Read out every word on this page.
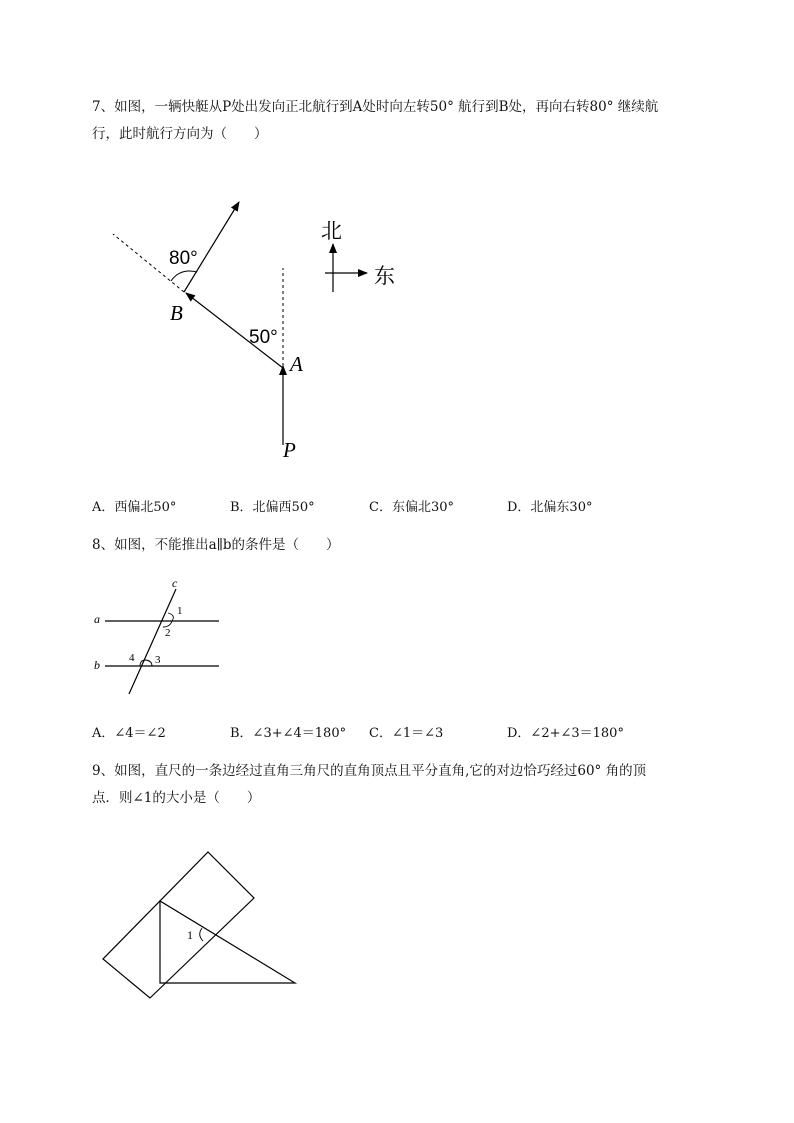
7、如图，一辆快艇从P处出发向正北航行到A处时向左转50° 航行到B处，再向右转80° 继续航
行，此时航行方向为（　　）
80°
50°
B
A
P
北
东
A．西偏北50°	B．北偏西50°	C．东偏北30°	D．北偏东30°
8、如图，不能推出a∥b的条件是（　　）
c
a
b
1
2
3
4
A．∠4＝∠2	B．∠3+∠4＝180° C．∠1＝∠3	D．∠2+∠3＝180°
9、如图，直尺的一条边经过直角三角尺的直角顶点且平分直角,它的对边恰巧经过60° 角的顶
点．则∠1的大小是（　　）
1
